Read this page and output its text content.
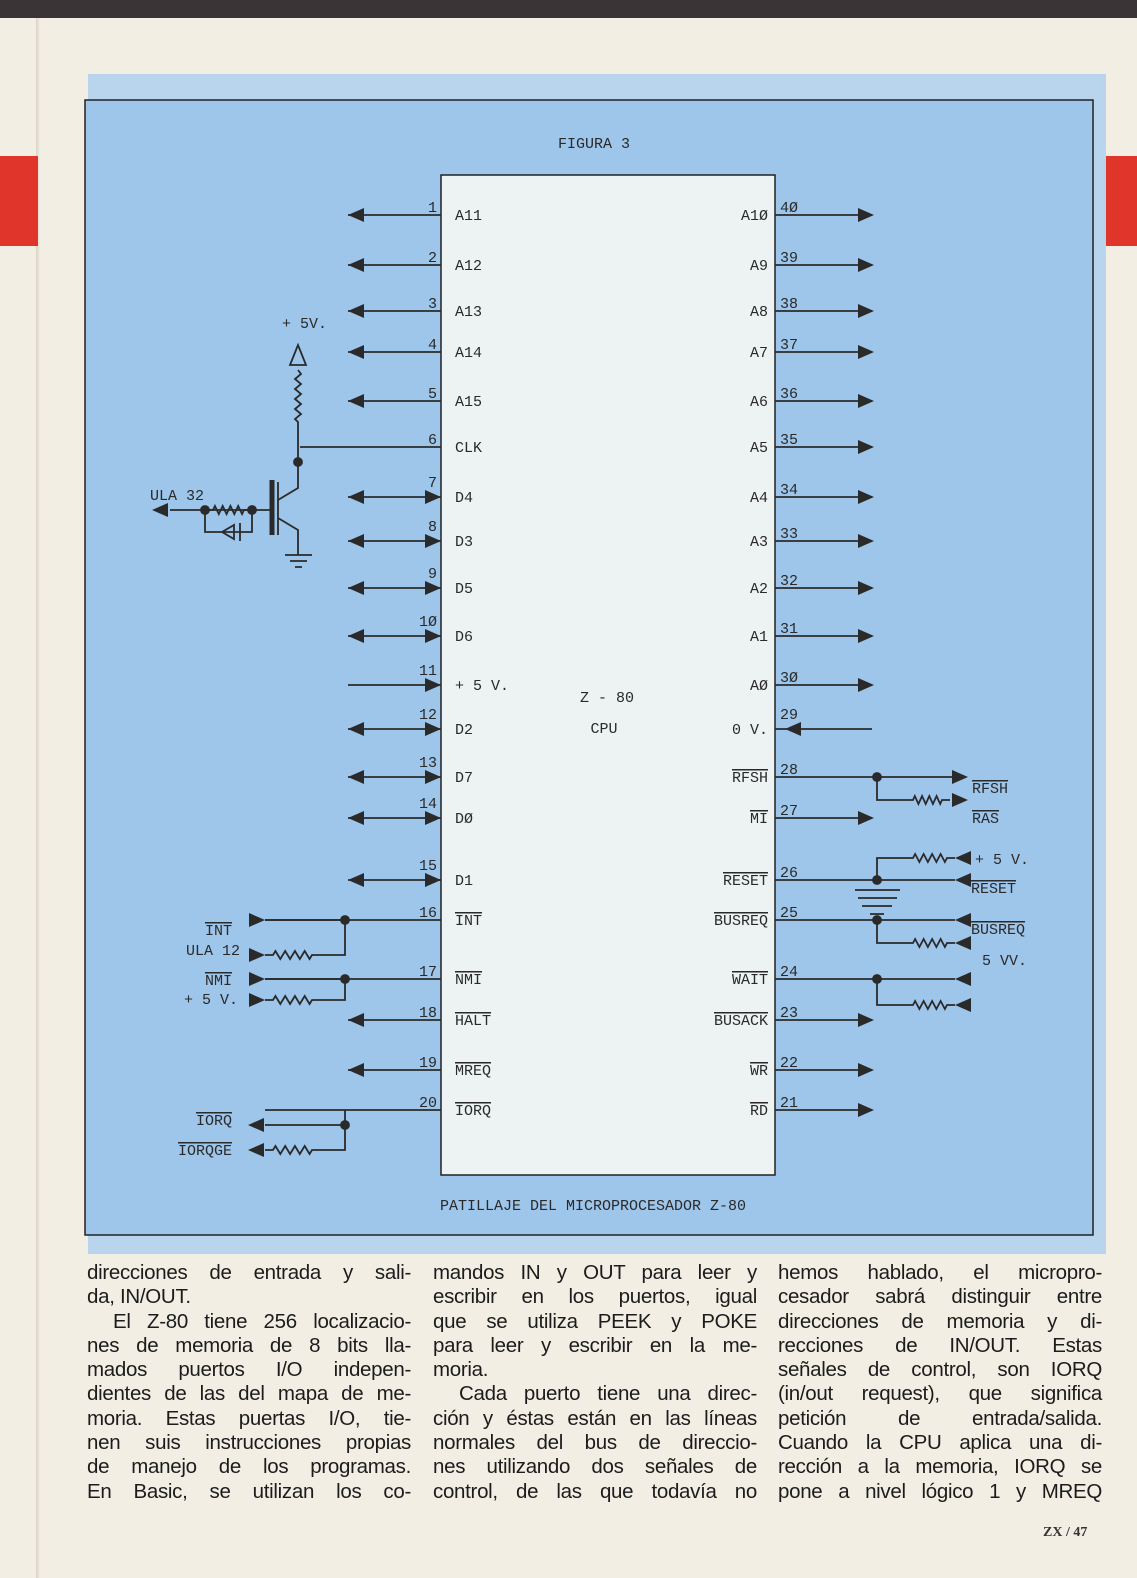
FIGURA 3
Z - 80
CPU
PATILLAJE DEL MICROPROCESADOR Z-80
1 A11
2 A12
3 A13
4 A14
5 A15
6 CLK
7
D4
8
D3
9
D5
1Ø
D6
11
+ 5 V.
12
D2
13
D7
14
DØ
15
D1
16 INT
17 NMI
18 HALT
19 MREQ
20 IORQ
4Ø
A1Ø
39
A9
38
A8
37
A7
36
A6
35
A5
34
A4
33
A3
32
A2
31
A1
3Ø
AØ
29
0 V.
28
RFSH
27
MI
26
RESET
25
BUSREQ
24
WAIT
23
BUSACK
22
WR
21
RD
+ 5V.
ULA 32
INT
ULA 12
NMI
+ 5 V.
IORQ
IORQGE
RFSH
RAS
+ 5 V.
RESET
BUSREQ
5 VV.
direcciones de entrada y sali-
da, IN/OUT.
El Z-80 tiene 256 localizacio-
nes de memoria de 8 bits lla-
mados puertos I/O indepen-
dientes de las del mapa de me-
moria. Estas puertas I/O, tie-
nen suis instrucciones propias
de manejo de los programas.
En Basic, se utilizan los co-
mandos IN y OUT para leer y
escribir en los puertos, igual
que se utiliza PEEK y POKE
para leer y escribir en la me-
moria.
Cada puerto tiene una direc-
ción y éstas están en las líneas
normales del bus de direccio-
nes utilizando dos señales de
control, de las que todavía no
hemos hablado, el micropro-
cesador sabrá distinguir entre
direcciones de memoria y di-
recciones de IN/OUT. Estas
señales de control, son IORQ
(in/out request), que significa
petición de entrada/salida.
Cuando la CPU aplica una di-
rección a la memoria, IORQ se
pone a nivel lógico 1 y MREQ
ZX / 47
